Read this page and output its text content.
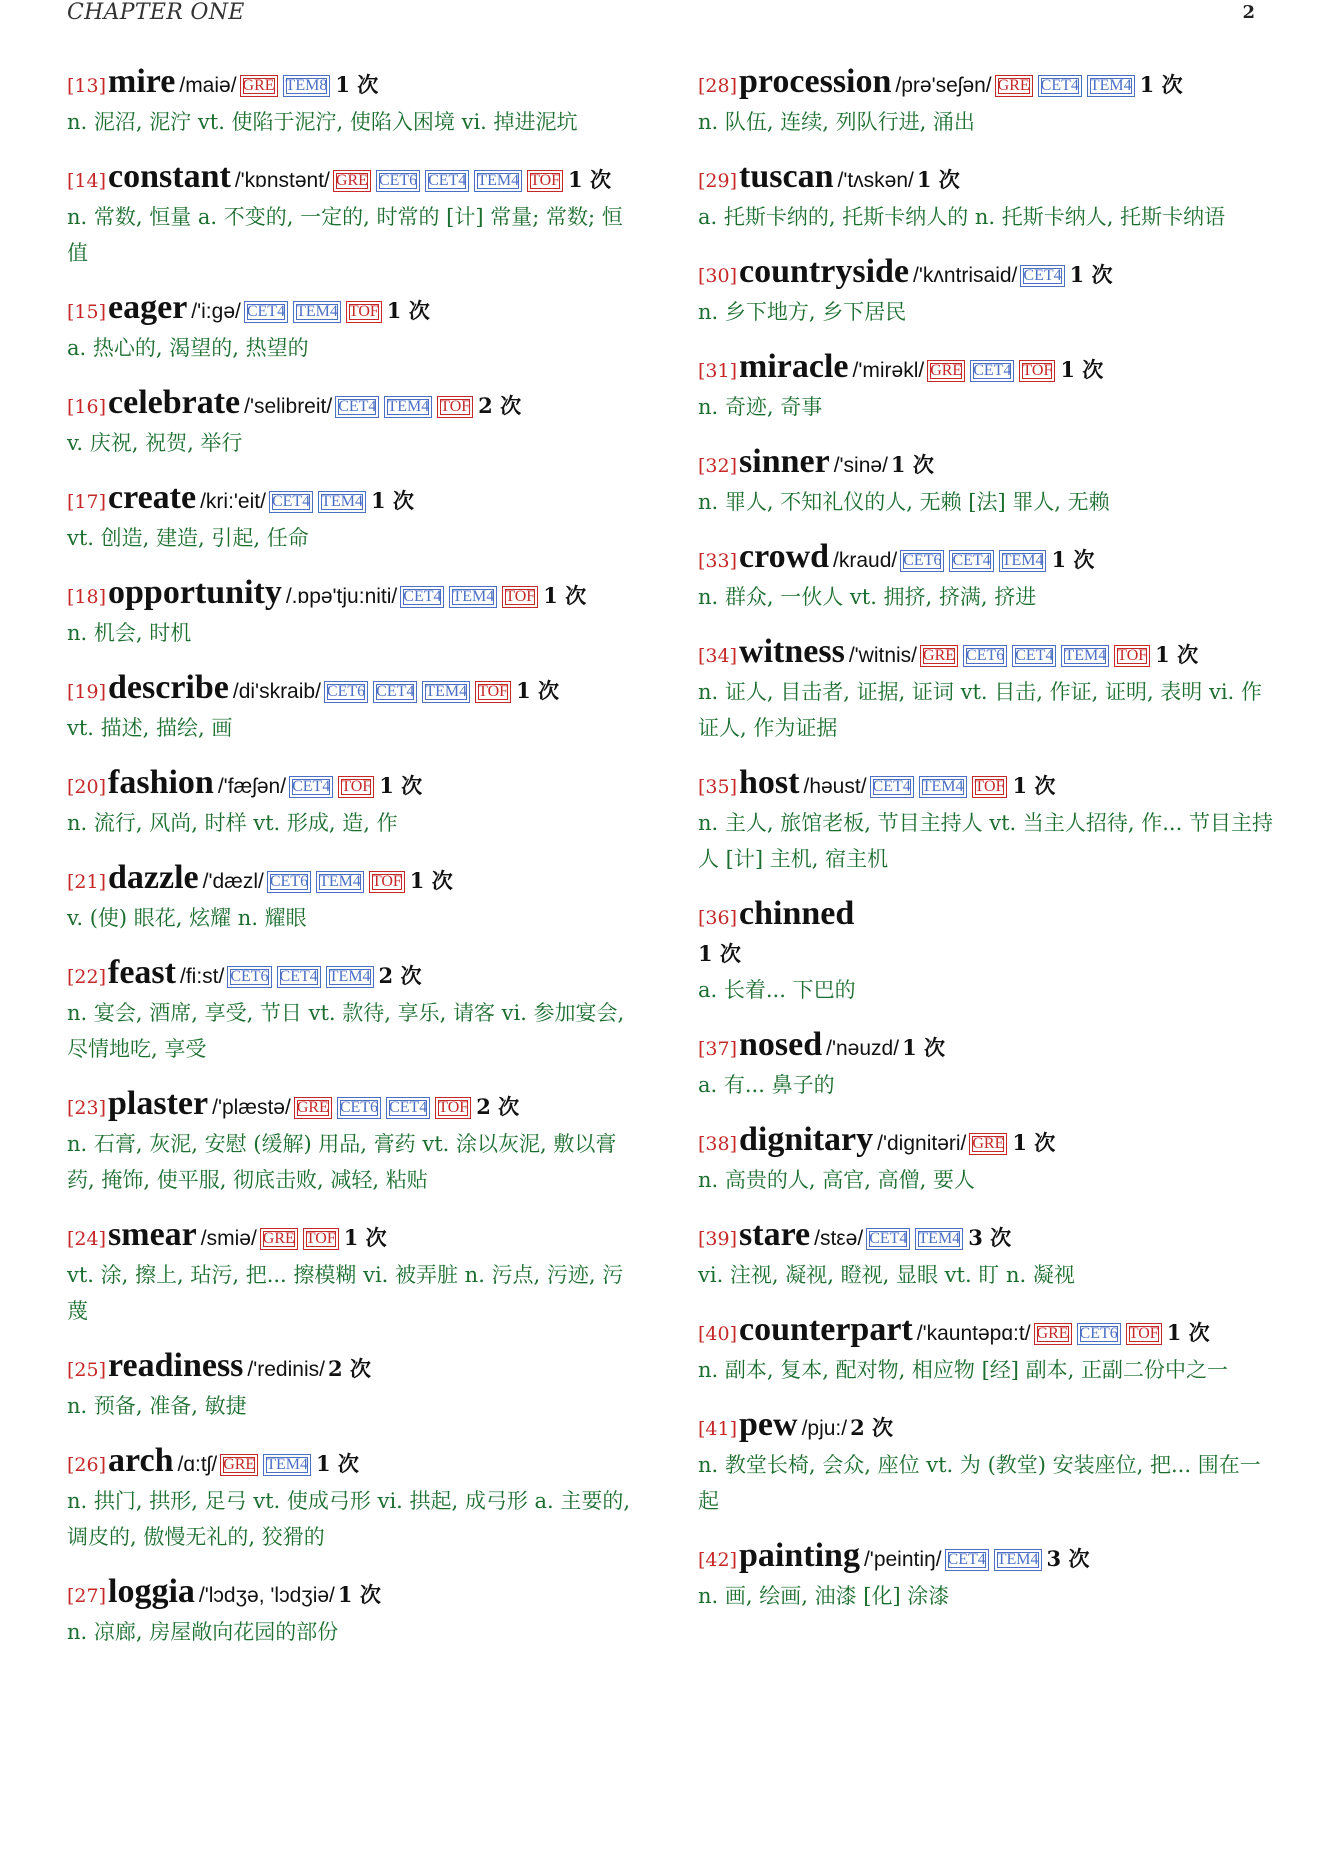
CHAPTER ONE	2
[13]mire /maiə/ GRE TEM8 1 次
n. 泥沼, 泥泞 vt. 使陷于泥泞, 使陷入困境 vi. 掉进泥坑
[14]constant /'kɒnstənt/ GRE CET6 CET4 TEM4 TOF 1 次
n. 常数, 恒量 a. 不变的, 一定的, 时常的 [计] 常量; 常数; 恒值
[15]eager /'i:gə/ CET4 TEM4 TOF 1 次
a. 热心的, 渴望的, 热望的
[16]celebrate /'selibreit/ CET4 TEM4 TOF 2 次
v. 庆祝, 祝贺, 举行
[17]create /kri:'eit/ CET4 TEM4 1 次
vt. 创造, 建造, 引起, 任命
[18]opportunity /.ɒpə'tju:niti/ CET4 TEM4 TOF 1 次
n. 机会, 时机
[19]describe /di'skraib/ CET6 CET4 TEM4 TOF 1 次
vt. 描述, 描绘, 画
[20]fashion /'fæʃən/ CET4 TOF 1 次
n. 流行, 风尚, 时样 vt. 形成, 造, 作
[21]dazzle /'dæzl/ CET6 TEM4 TOF 1 次
v. (使) 眼花, 炫耀 n. 耀眼
[22]feast /fi:st/ CET6 CET4 TEM4 2 次
n. 宴会, 酒席, 享受, 节日 vt. 款待, 享乐, 请客 vi. 参加宴会, 尽情地吃, 享受
[23]plaster /'plæstə/ GRE CET6 CET4 TOF 2 次
n. 石膏, 灰泥, 安慰 (缓解) 用品, 膏药 vt. 涂以灰泥, 敷以膏药, 掩饰, 使平服, 彻底击败, 减轻, 粘贴
[24]smear /smiə/ GRE TOF 1 次
vt. 涂, 擦上, 玷污, 把... 擦模糊 vi. 被弄脏 n. 污点, 污迹, 污蔑
[25]readiness /'redinis/ 2 次
n. 预备, 准备, 敏捷
[26]arch /ɑ:tʃ/ GRE TEM4 1 次
n. 拱门, 拱形, 足弓 vt. 使成弓形 vi. 拱起, 成弓形 a. 主要的, 调皮的, 傲慢无礼的, 狡猾的
[27]loggia /'lɔdʒə, 'lɔdʒiə/ 1 次
n. 凉廊, 房屋敞向花园的部份
[28]procession /prə'seʃən/ GRE CET4 TEM4 1 次
n. 队伍, 连续, 列队行进, 涌出
[29]tuscan /'tʌskən/ 1 次
a. 托斯卡纳的, 托斯卡纳人的 n. 托斯卡纳人, 托斯卡纳语
[30]countryside /'kʌntrisaid/ CET4 1 次
n. 乡下地方, 乡下居民
[31]miracle /'mirəkl/ GRE CET4 TOF 1 次
n. 奇迹, 奇事
[32]sinner /'sinə/ 1 次
n. 罪人, 不知礼仪的人, 无赖 [法] 罪人, 无赖
[33]crowd /kraud/ CET6 CET4 TEM4 1 次
n. 群众, 一伙人 vt. 拥挤, 挤满, 挤进
[34]witness /'witnis/ GRE CET6 CET4 TEM4 TOF 1 次
n. 证人, 目击者, 证据, 证词 vt. 目击, 作证, 证明, 表明 vi. 作证人, 作为证据
[35]host /həust/ CET4 TEM4 TOF 1 次
n. 主人, 旅馆老板, 节目主持人 vt. 当主人招待, 作... 节目主持人 [计] 主机, 宿主机
[36]chinned
1 次
a. 长着... 下巴的
[37]nosed /'nəuzd/ 1 次
a. 有... 鼻子的
[38]dignitary /'dignitəri/ GRE 1 次
n. 高贵的人, 高官, 高僧, 要人
[39]stare /stεə/ CET4 TEM4 3 次
vi. 注视, 凝视, 瞪视, 显眼 vt. 盯 n. 凝视
[40]counterpart /'kauntəpɑ:t/ GRE CET6 TOF 1 次
n. 副本, 复本, 配对物, 相应物 [经] 副本, 正副二份中之一
[41]pew /pju:/ 2 次
n. 教堂长椅, 会众, 座位 vt. 为 (教堂) 安装座位, 把... 围在一起
[42]painting /'peintiŋ/ CET4 TEM4 3 次
n. 画, 绘画, 油漆 [化] 涂漆
